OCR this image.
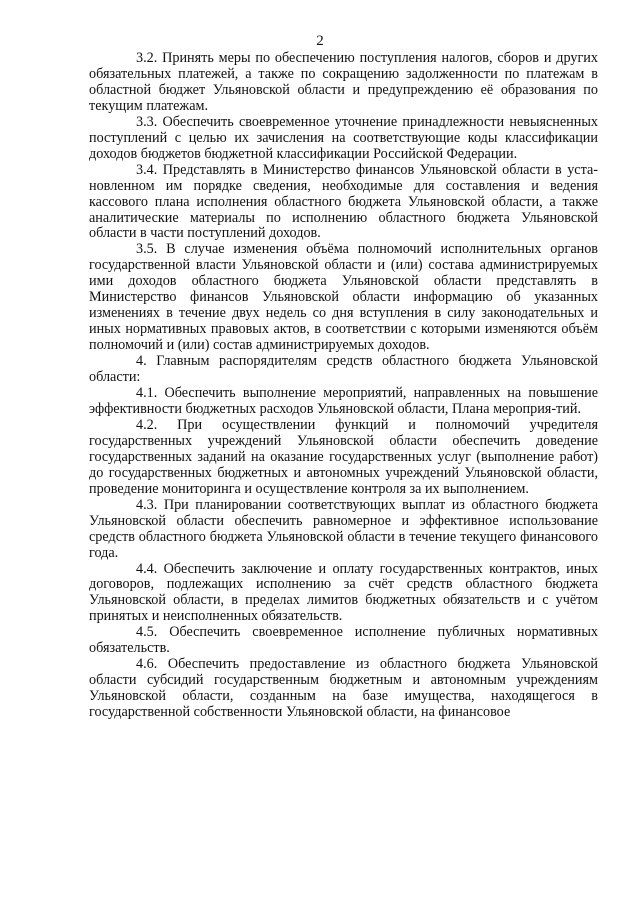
2

3.2. Принять меры по обеспечению поступления налогов, сборов и других обязательных платежей, а также по сокращению задолженности по платежам в областной бюджет Ульяновской области и предупреждению её образования по текущим платежам.

3.3. Обеспечить своевременное уточнение принадлежности невыясненных поступлений с целью их зачисления на соответствующие коды классификации доходов бюджетов бюджетной классификации Российской Федерации.

3.4. Представлять в Министерство финансов Ульяновской области в уста-новленном им порядке сведения, необходимые для составления и ведения кассового плана исполнения областного бюджета Ульяновской области, а также аналитические материалы по исполнению областного бюджета Ульяновской области в части поступлений доходов.

3.5. В случае изменения объёма полномочий исполнительных органов государственной власти Ульяновской области и (или) состава администрируемых ими доходов областного бюджета Ульяновской области представлять в Министерство финансов Ульяновской области информацию об указанных изменениях в течение двух недель со дня вступления в силу законодательных и иных нормативных правовых актов, в соответствии с которыми изменяются объём полномочий и (или) состав администрируемых доходов.

4. Главным распорядителям средств областного бюджета Ульяновской области:

4.1. Обеспечить выполнение мероприятий, направленных на повышение эффективности бюджетных расходов Ульяновской области, Плана мероприя-тий.

4.2. При осуществлении функций и полномочий учредителя государственных учреждений Ульяновской области обеспечить доведение государственных заданий на оказание государственных услуг (выполнение работ) до государственных бюджетных и автономных учреждений Ульяновской области, проведение мониторинга и осуществление контроля за их выполнением.

4.3. При планировании соответствующих выплат из областного бюджета Ульяновской области обеспечить равномерное и эффективное использование средств областного бюджета Ульяновской области в течение текущего финансового года.

4.4. Обеспечить заключение и оплату государственных контрактов, иных договоров, подлежащих исполнению за счёт средств областного бюджета Ульяновской области, в пределах лимитов бюджетных обязательств и с учётом принятых и неисполненных обязательств.

4.5. Обеспечить своевременное исполнение публичных нормативных обязательств.

4.6. Обеспечить предоставление из областного бюджета Ульяновской области субсидий государственным бюджетным и автономным учреждениям Ульяновской области, созданным на базе имущества, находящегося в государственной собственности Ульяновской области, на финансовое
